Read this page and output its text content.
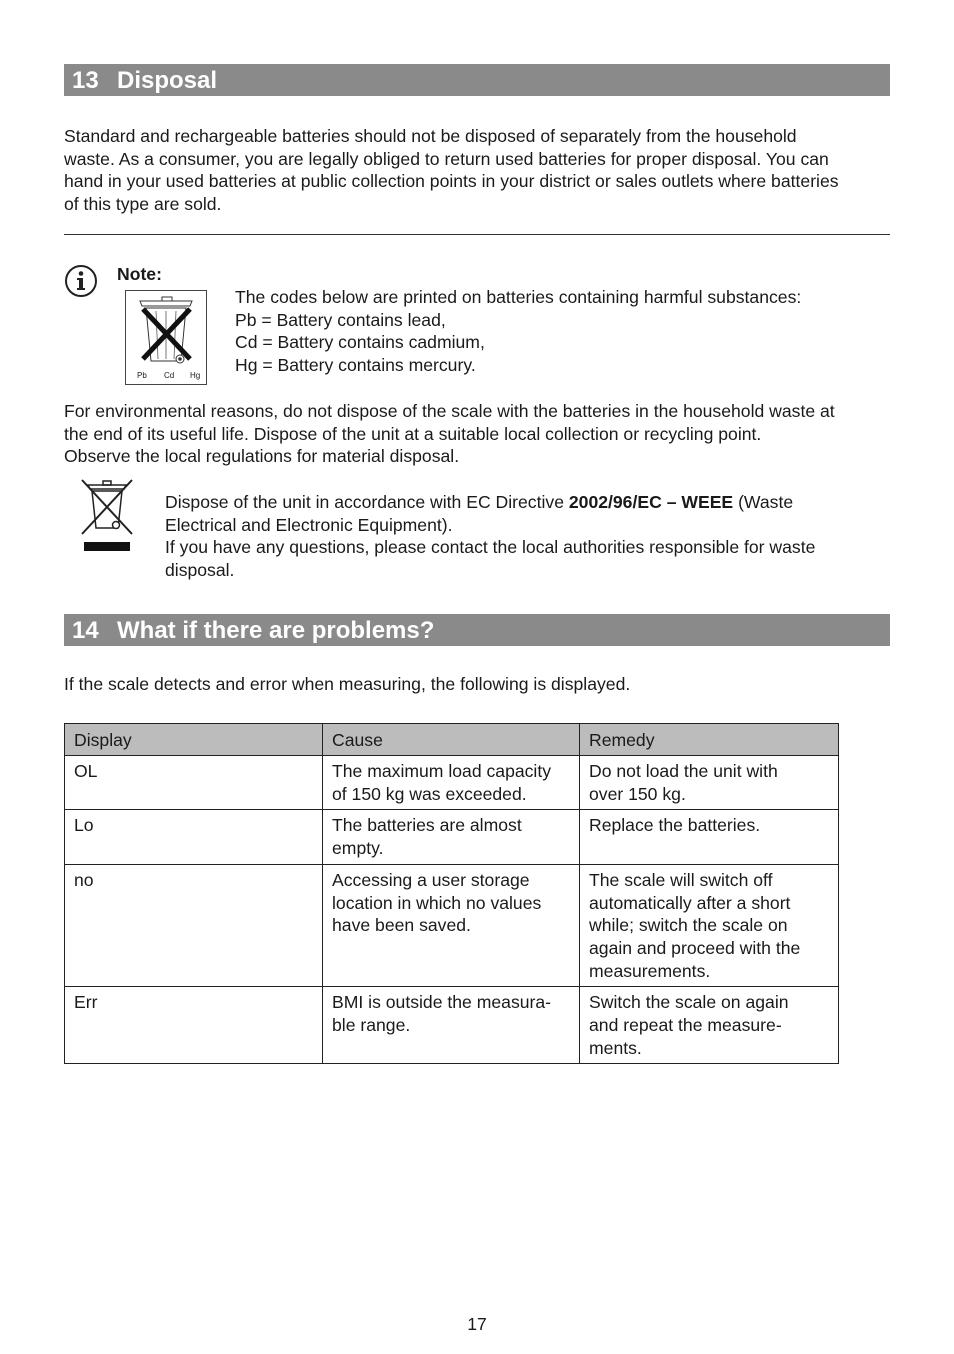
13 Disposal
Standard and rechargeable batteries should not be disposed of separately from the household
waste. As a consumer, you are legally obliged to return used batteries for proper disposal. You can
hand in your used batteries at public collection points in your district or sales outlets where batteries
of this type are sold.
Note:
Pb Cd Hg
The codes below are printed on batteries containing harmful substances:
Pb = Battery contains lead,
Cd = Battery contains cadmium,
Hg = Battery contains mercury.
For environmental reasons, do not dispose of the scale with the batteries in the household waste at
the end of its useful life. Dispose of the unit at a suitable local collection or recycling point.
Observe the local regulations for material disposal.
Dispose of the unit in accordance with EC Directive 2002/96/EC – WEEE (Waste
Electrical and Electronic Equipment).
If you have any questions, please contact the local authorities responsible for waste
disposal.
14 What if there are problems?
If the scale detects and error when measuring, the following is displayed.
Display	Cause	Remedy

OL	The maximum load capacity
of 150 kg was exceeded.	Do not load the unit with
over 150 kg.

Lo	The batteries are almost
empty.	Replace the batteries.

no	Accessing a user storage
location in which no values
have been saved.	The scale will switch off
automatically after a short
while; switch the scale on
again and proceed with the
measurements.

Err	BMI is outside the measura-
ble range.	Switch the scale on again
and repeat the measure-
ments.
17
